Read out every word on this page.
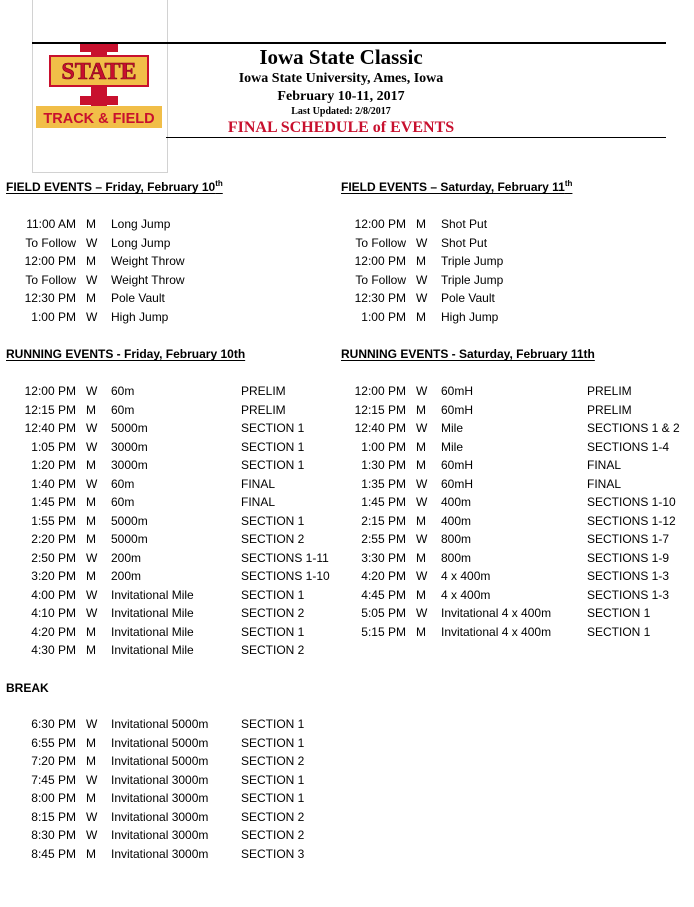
STATE
TRACK & FIELD
Iowa State Classic
Iowa State University, Ames, Iowa
February 10-11, 2017
Last Updated: 2/8/2017
FINAL SCHEDULE of EVENTS
FIELD EVENTS – Friday, February 10th	FIELD EVENTS – Saturday, February 11th
RUNNING EVENTS - Friday, February 10th	RUNNING EVENTS - Saturday, February 11th
BREAK
11:00 AM M Long Jump
To Follow W Long Jump
12:00 PM M Weight Throw
To Follow W Weight Throw
12:30 PM M Pole Vault
1:00 PM W High Jump
12:00 PM M Shot Put
To Follow W Shot Put
12:00 PM M Triple Jump
To Follow W Triple Jump
12:30 PM W Pole Vault
1:00 PM M High Jump
12:00 PM W 60m	PRELIM
12:15 PM M 60m	PRELIM
12:40 PM W 5000m	SECTION 1
1:05 PM W 3000m	SECTION 1
1:20 PM M 3000m	SECTION 1
1:40 PM W 60m	FINAL
1:45 PM M 60m	FINAL
1:55 PM M 5000m	SECTION 1
2:20 PM M 5000m	SECTION 2
2:50 PM W 200m	SECTIONS 1-11
3:20 PM M 200m	SECTIONS 1-10
4:00 PM W Invitational Mile	SECTION 1
4:10 PM W Invitational Mile	SECTION 2
4:20 PM M Invitational Mile	SECTION 1
4:30 PM M Invitational Mile	SECTION 2
12:00 PM W 60mH	PRELIM
12:15 PM M 60mH	PRELIM
12:40 PM W Mile	SECTIONS 1 & 2
1:00 PM M Mile	SECTIONS 1-4
1:30 PM M 60mH	FINAL
1:35 PM W 60mH	FINAL
1:45 PM W 400m	SECTIONS 1-10
2:15 PM M 400m	SECTIONS 1-12
2:55 PM W 800m	SECTIONS 1-7
3:30 PM M 800m	SECTIONS 1-9
4:20 PM W 4 x 400m	SECTIONS 1-3
4:45 PM M 4 x 400m	SECTIONS 1-3
5:05 PM W Invitational 4 x 400m	SECTION 1
5:15 PM M Invitational 4 x 400m	SECTION 1
6:30 PM W Invitational 5000m	SECTION 1
6:55 PM M Invitational 5000m	SECTION 1
7:20 PM M Invitational 5000m	SECTION 2
7:45 PM W Invitational 3000m	SECTION 1
8:00 PM M Invitational 3000m	SECTION 1
8:15 PM W Invitational 3000m	SECTION 2
8:30 PM W Invitational 3000m	SECTION 2
8:45 PM M Invitational 3000m	SECTION 3
